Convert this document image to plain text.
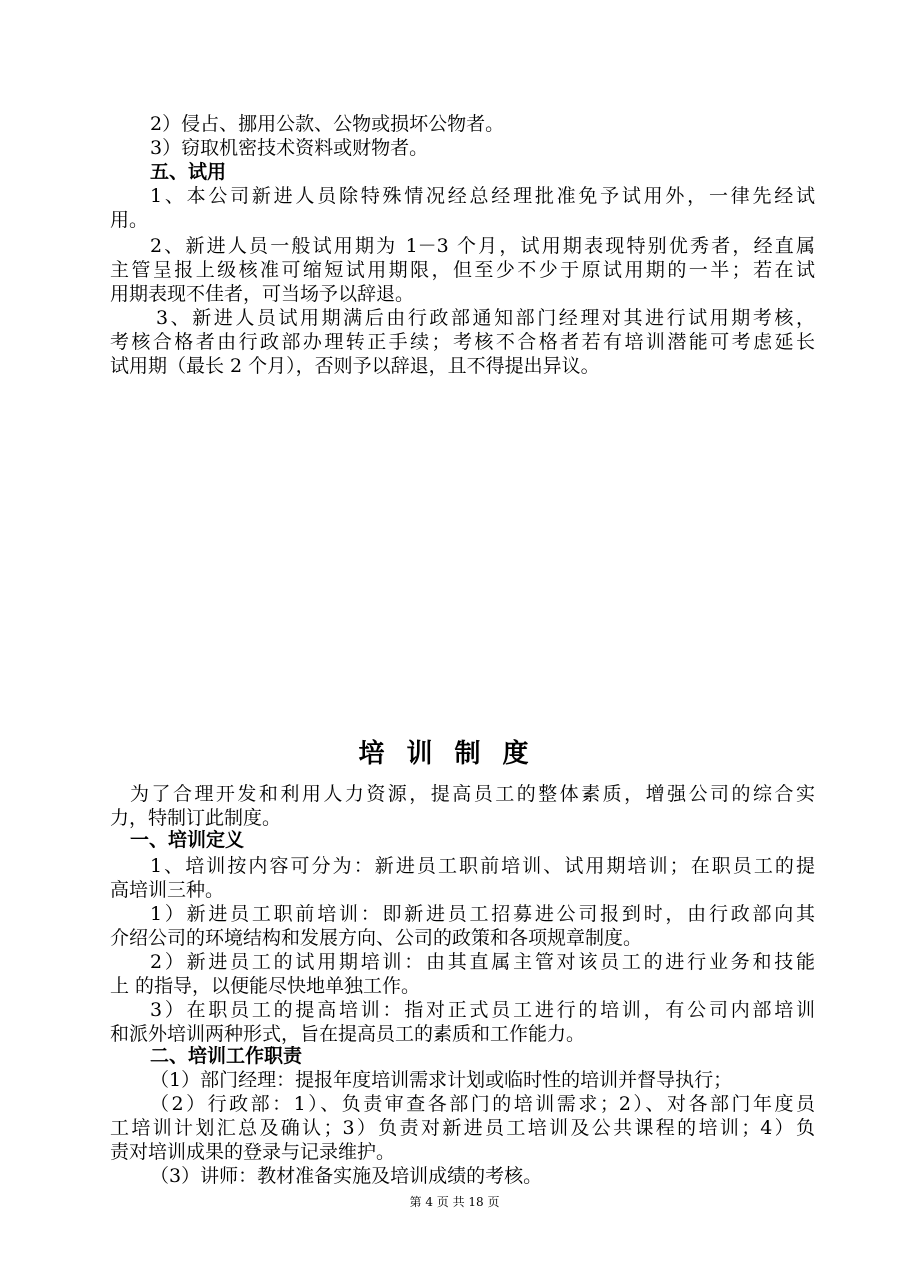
2）侵占、挪用公款、公物或损坏公物者。
3）窃取机密技术资料或财物者。
五、试用
1、本公司新进人员除特殊情况经总经理批准免予试用外，一律先经试
用。
2、新进人员一般试用期为 1－3 个月，试用期表现特别优秀者，经直属
主管呈报上级核准可缩短试用期限，但至少不少于原试用期的一半；若在试
用期表现不佳者，可当场予以辞退。
3、新进人员试用期满后由行政部通知部门经理对其进行试用期考核，
考核合格者由行政部办理转正手续；考核不合格者若有培训潜能可考虑延长
试用期（最长 2 个月），否则予以辞退，且不得提出异议。
培训制度
为了合理开发和利用人力资源，提高员工的整体素质，增强公司的综合实
力，特制订此制度。
一、培训定义
1、培训按内容可分为：新进员工职前培训、试用期培训；在职员工的提
高培训三种。
1）新进员工职前培训：即新进员工招募进公司报到时，由行政部向其
介绍公司的环境结构和发展方向、公司的政策和各项规章制度。
2）新进员工的试用期培训：由其直属主管对该员工的进行业务和技能
上 的指导，以便能尽快地单独工作。
3）在职员工的提高培训：指对正式员工进行的培训，有公司内部培训
和派外培训两种形式，旨在提高员工的素质和工作能力。
二、培训工作职责
（1）部门经理：提报年度培训需求计划或临时性的培训并督导执行；
（2）行政部：1）、负责审查各部门的培训需求；2）、对各部门年度员
工培训计划汇总及确认；3）负责对新进员工培训及公共课程的培训；4）负
责对培训成果的登录与记录维护。
（3）讲师：教材准备实施及培训成绩的考核。
第 4 页 共 18 页
